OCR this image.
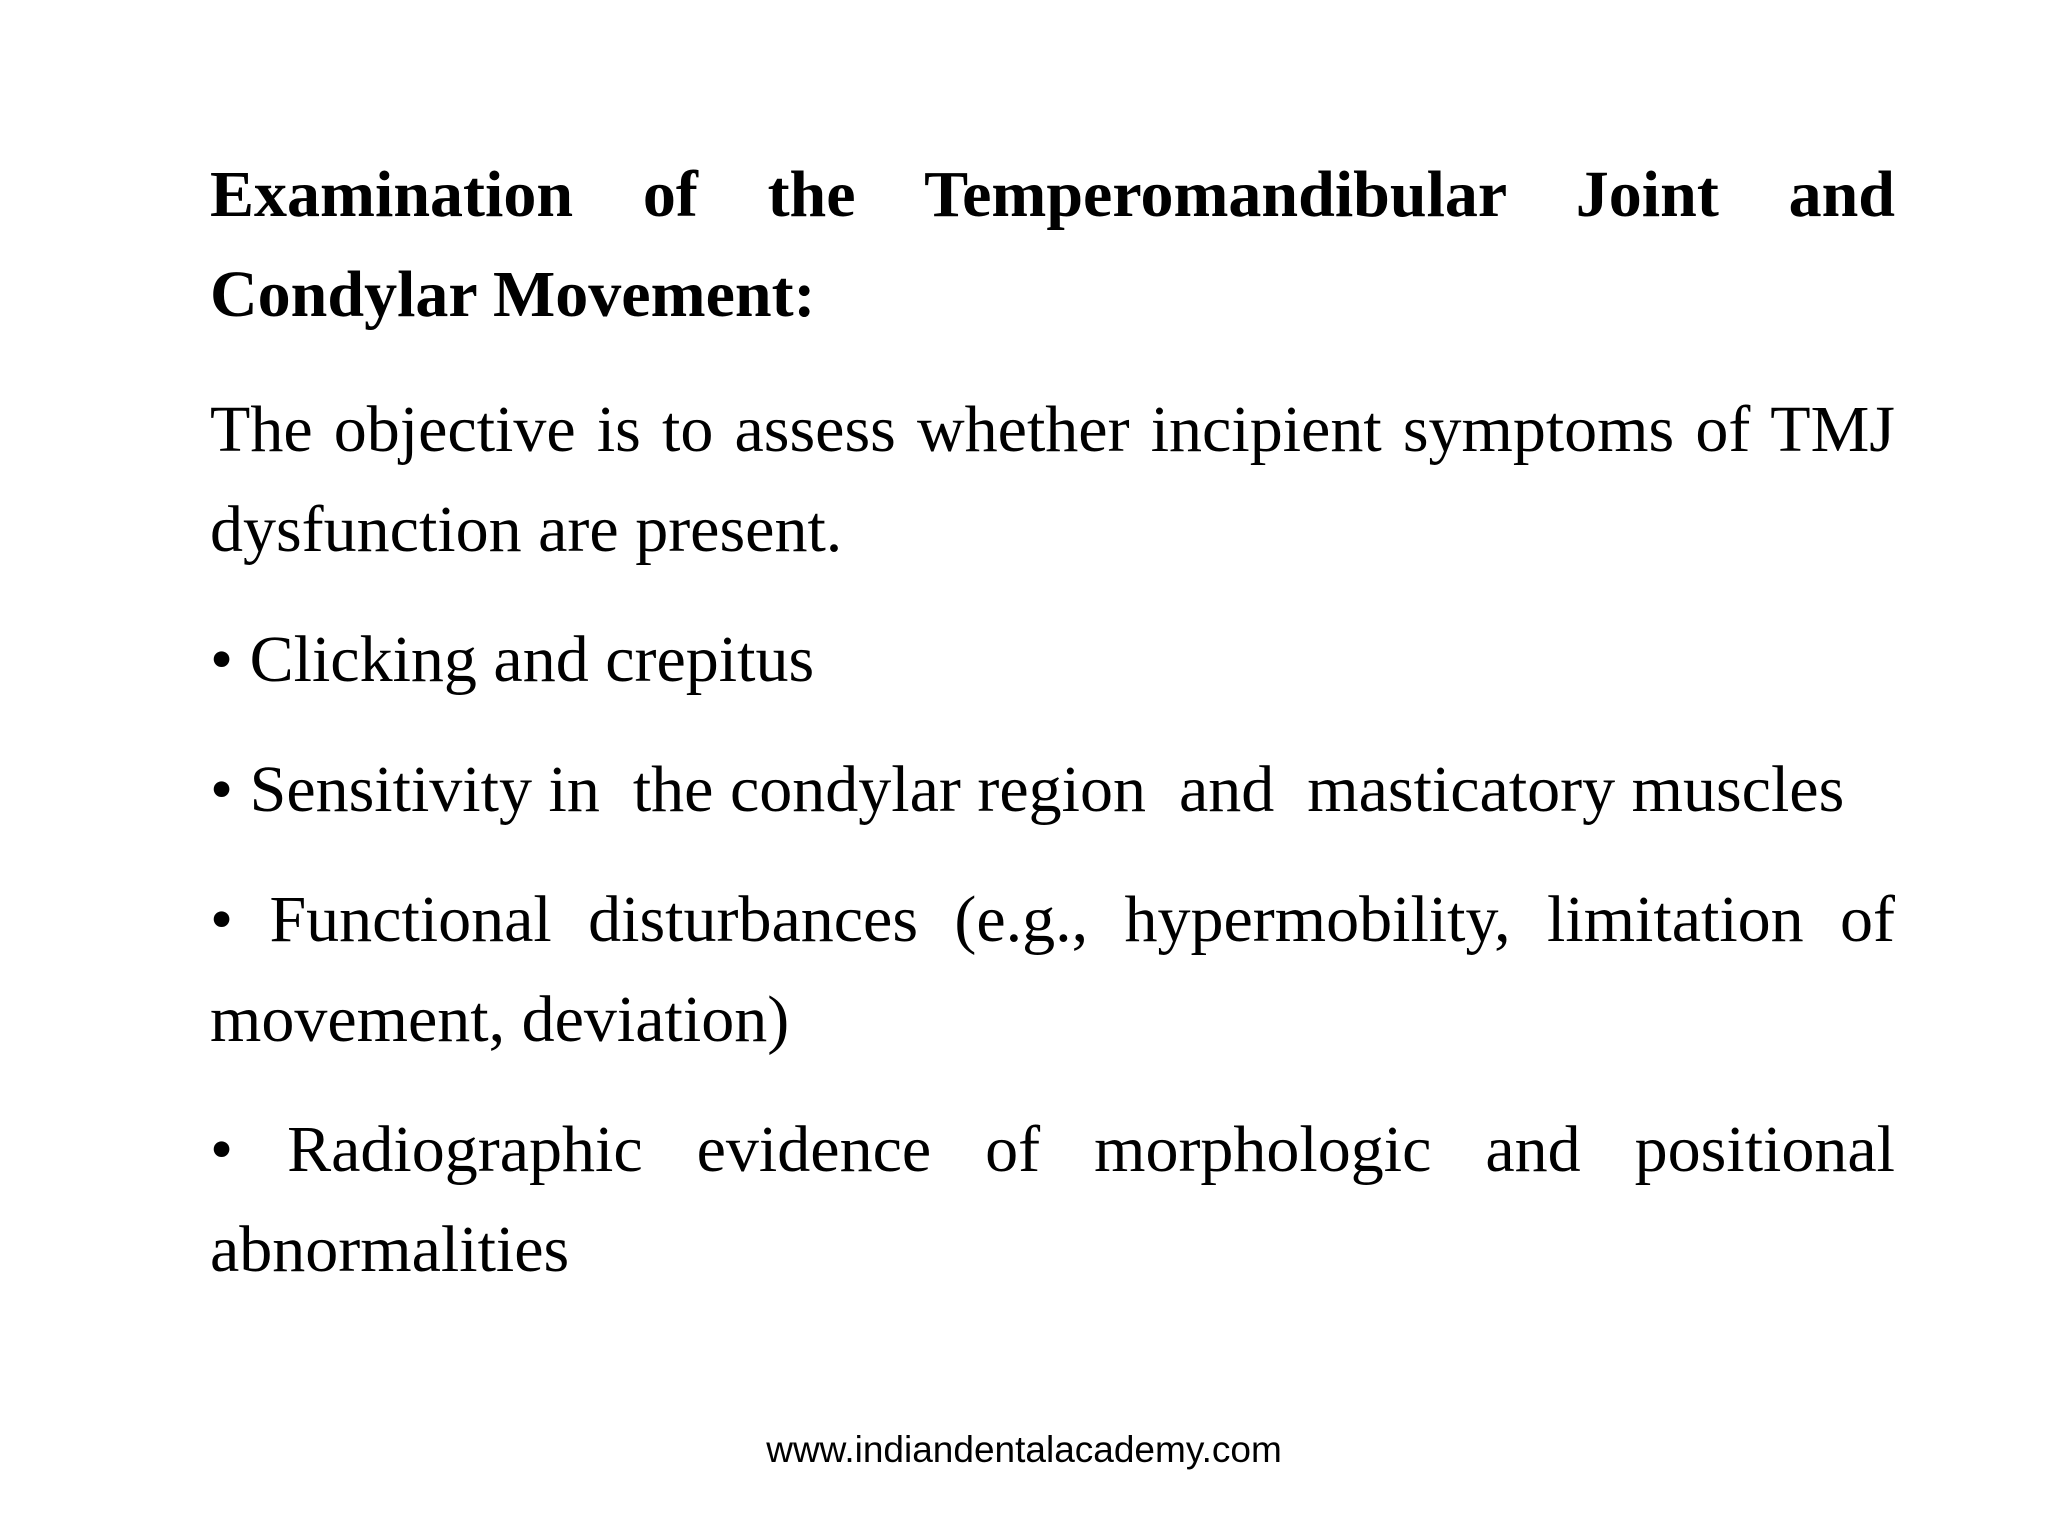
Examination of the Temperomandibular Joint and Condylar Movement:

The objective is to assess whether incipient symptoms of TMJ dysfunction are present.

• Clicking and crepitus

• Sensitivity in  the condylar region  and  masticatory muscles

• Functional disturbances (e.g., hypermobility, limitation of movement, deviation)

• Radiographic evidence of morphologic and positional abnormalities

www.indiandentalacademy.com
